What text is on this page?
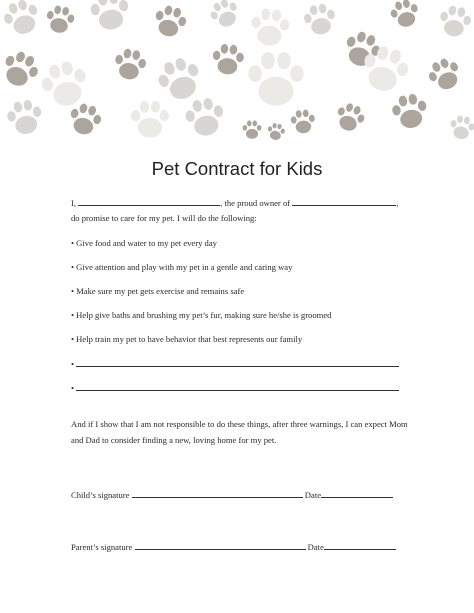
Pet Contract for Kids
I,	, the proud owner of	,
do promise to care for my pet. I will do the following:
• Give food and water to my pet every day
• Give attention and play with my pet in a gentle and caring way
• Make sure my pet gets exercise and remains safe
• Help give baths and brushing my pet’s fur, making sure he/she is groomed
• Help train my pet to have behavior that best represents our family
•
•
And if I show that I am not responsible to do these things, after three warnings, I can expect Mom and Dad to consider finding a new, loving home for my pet.
Child’s signature	Date
Parent’s signature	Date
